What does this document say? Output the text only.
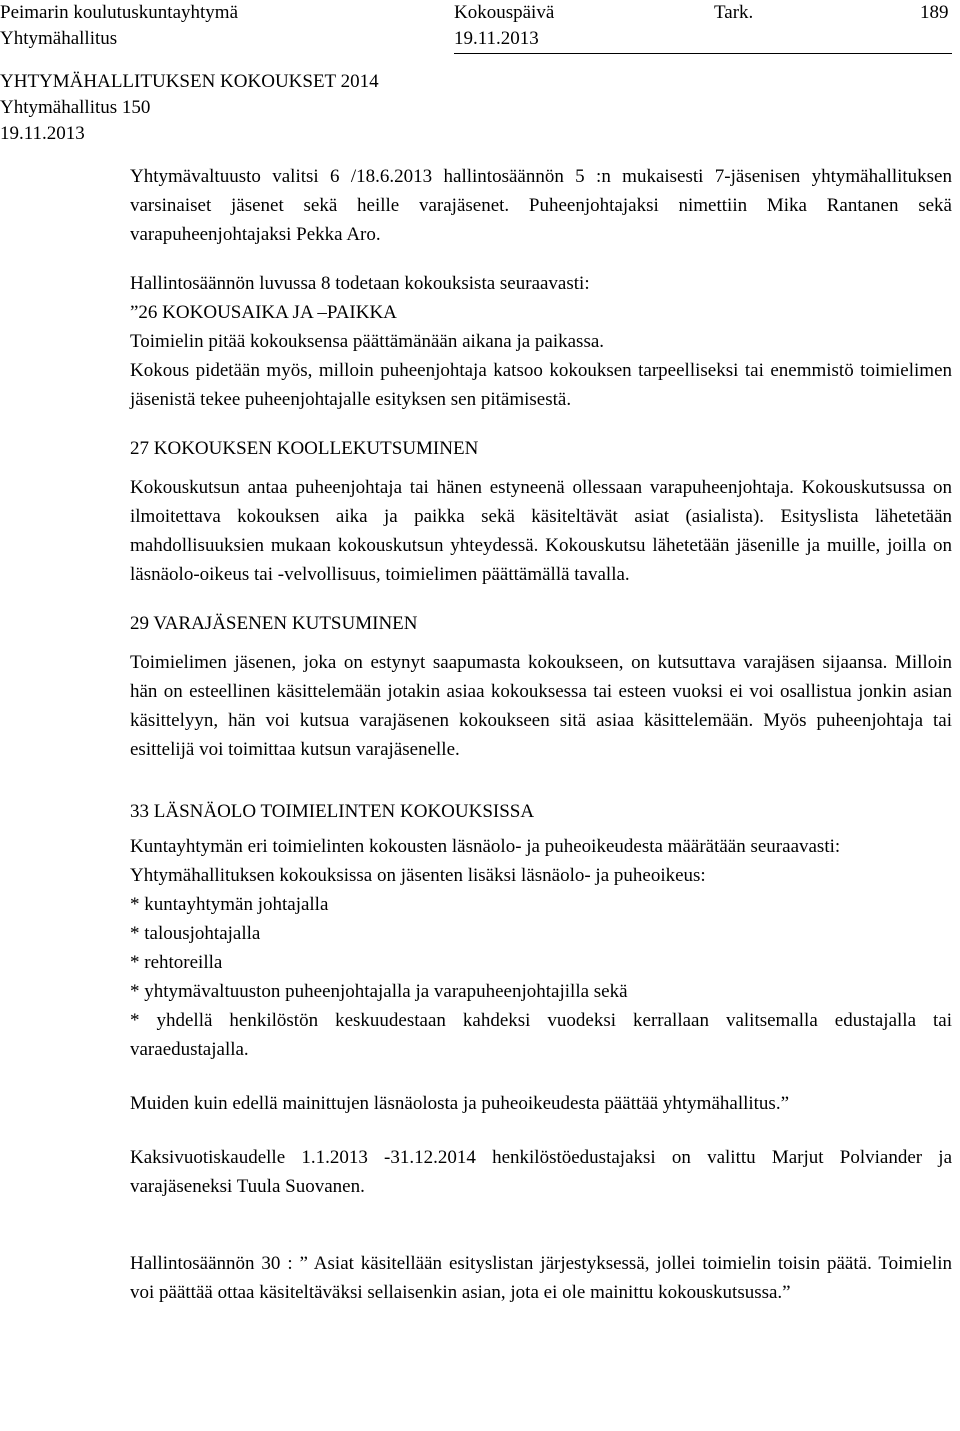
Peimarin koulutuskuntayhtymä	Kokouspäivä	Tark.	189
Yhtymähallitus	19.11.2013
YHTYMÄHALLITUKSEN KOKOUKSET 2014
Yhtymähallitus 150
19.11.2013

Yhtymävaltuusto valitsi 6 /18.6.2013 hallintosäännön 5 :n mukaisesti 7-jäsenisen yhtymähallituksen varsinaiset jäsenet sekä heille varajäsenet. Puheenjohtajaksi nimettiin Mika Rantanen sekä varapuheenjohtajaksi Pekka Aro.

Hallintosäännön luvussa 8 todetaan kokouksista seuraavasti:

”26 KOKOUSAIKA JA –PAIKKA

Toimielin pitää kokouksensa päättämänään aikana ja paikassa.

Kokous pidetään myös, milloin puheenjohtaja katsoo kokouksen tarpeelliseksi tai enemmistö toimielimen jäsenistä tekee puheenjohtajalle esityksen sen pitämisestä.

27 KOKOUKSEN KOOLLEKUTSUMINEN

Kokouskutsun antaa puheenjohtaja tai hänen estyneenä ollessaan varapuheenjohtaja. Kokouskutsussa on ilmoitettava kokouksen aika ja paikka sekä käsiteltävät asiat (asialista). Esityslista lähetetään mahdollisuuksien mukaan kokouskutsun yhteydessä. Kokouskutsu lähetetään jäsenille ja muille, joilla on läsnäolo-oikeus tai -velvollisuus, toimielimen päättämällä tavalla.

29 VARAJÄSENEN KUTSUMINEN

Toimielimen jäsenen, joka on estynyt saapumasta kokoukseen, on kutsuttava varajäsen sijaansa. Milloin hän on esteellinen käsittelemään jotakin asiaa kokouksessa tai esteen vuoksi ei voi osallistua jonkin asian käsittelyyn, hän voi kutsua varajäsenen kokoukseen sitä asiaa käsittelemään. Myös puheenjohtaja tai esittelijä voi toimittaa kutsun varajäsenelle.

33 LÄSNÄOLO TOIMIELINTEN KOKOUKSISSA

Kuntayhtymän eri toimielinten kokousten läsnäolo- ja puheoikeudesta määrätään seuraavasti:

Yhtymähallituksen kokouksissa on jäsenten lisäksi läsnäolo- ja puheoikeus:

* kuntayhtymän johtajalla

* talousjohtajalla

* rehtoreilla

* yhtymävaltuuston puheenjohtajalla ja varapuheenjohtajilla sekä

* yhdellä henkilöstön keskuudestaan kahdeksi vuodeksi kerrallaan valitsemalla edustajalla tai varaedustajalla.

Muiden kuin edellä mainittujen läsnäolosta ja puheoikeudesta päättää yhtymähallitus.”

Kaksivuotiskaudelle 1.1.2013 -31.12.2014 henkilöstöedustajaksi on valittu Marjut Polviander ja varajäseneksi Tuula Suovanen.

Hallintosäännön 30 : ” Asiat käsitellään esityslistan järjestyksessä, jollei toimielin toisin päätä. Toimielin voi päättää ottaa käsiteltäväksi sellaisenkin asian, jota ei ole mainittu kokouskutsussa.”
